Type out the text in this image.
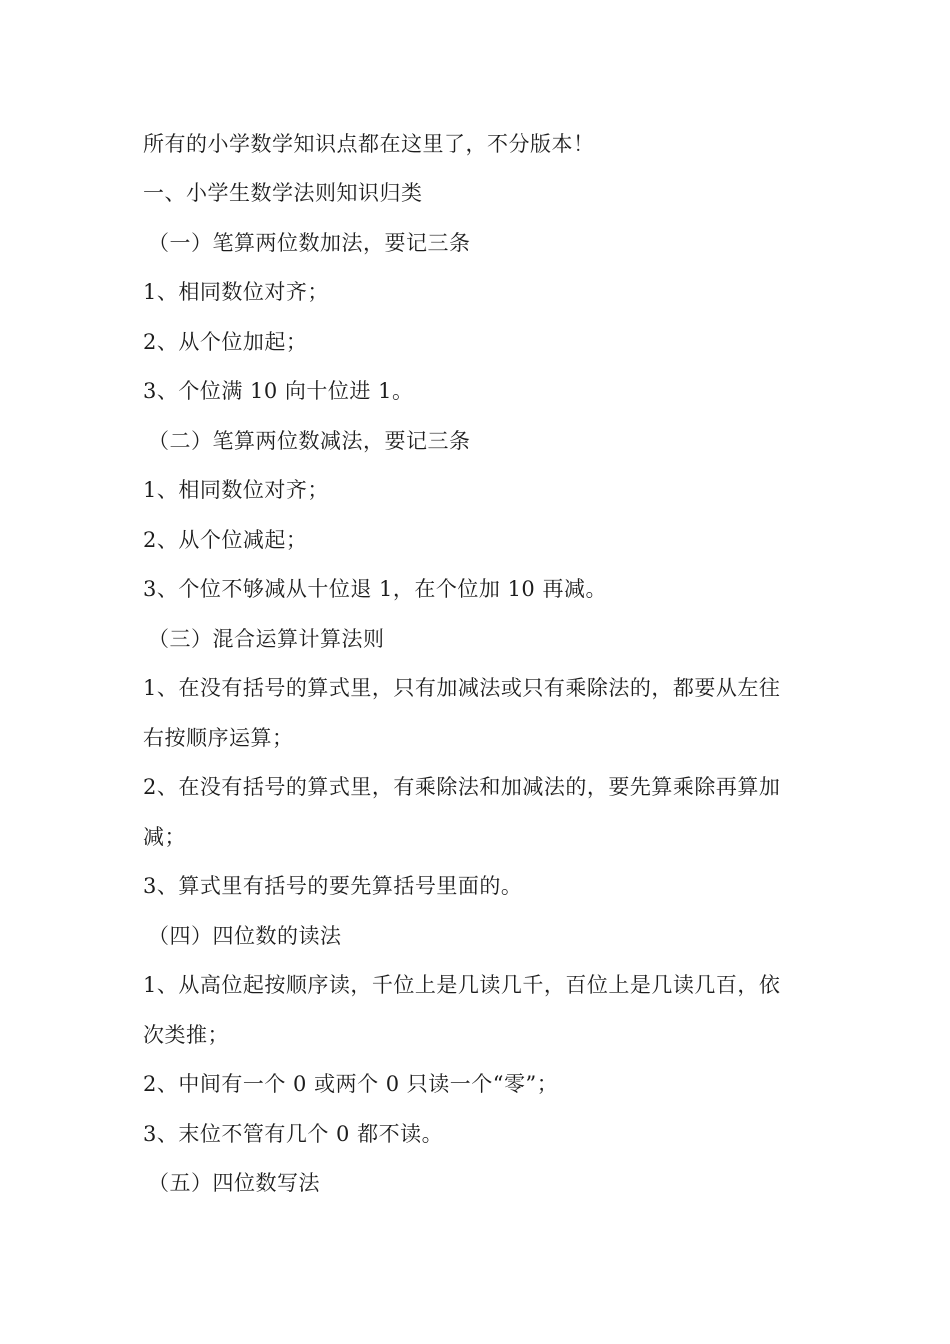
所有的小学数学知识点都在这里了，不分版本！
一、小学生数学法则知识归类
（一）笔算两位数加法，要记三条
1、相同数位对齐；
2、从个位加起；
3、个位满 10 向十位进 1。
（二）笔算两位数减法，要记三条
1、相同数位对齐；
2、从个位减起；
3、个位不够减从十位退 1，在个位加 10 再减。
（三）混合运算计算法则
1、在没有括号的算式里，只有加减法或只有乘除法的，都要从左往
右按顺序运算；
2、在没有括号的算式里，有乘除法和加减法的，要先算乘除再算加
减；
3、算式里有括号的要先算括号里面的。
（四）四位数的读法
1、从高位起按顺序读，千位上是几读几千，百位上是几读几百，依
次类推；
2、中间有一个 0 或两个 0 只读一个“零”；
3、末位不管有几个 0 都不读。
（五）四位数写法
